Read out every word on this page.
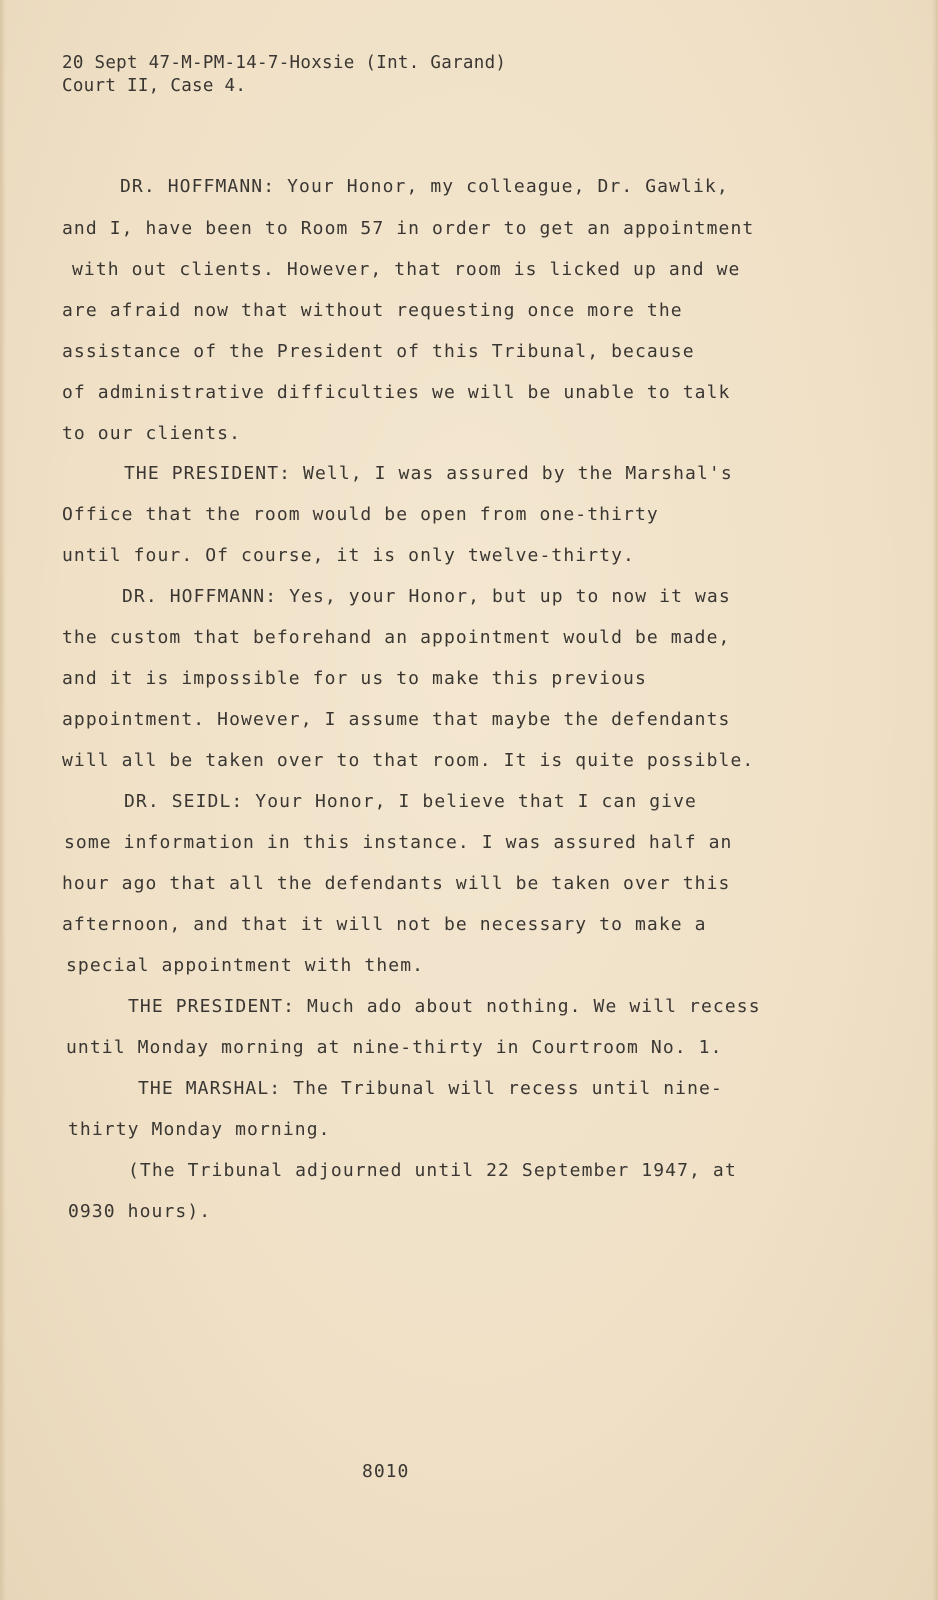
20 Sept 47-M-PM-14-7-Hoxsie (Int. Garand)
Court II, Case 4.
DR. HOFFMANN: Your Honor, my colleague, Dr. Gawlik,
and I, have been to Room 57 in order to get an appointment
with out clients. However, that room is licked up and we
are afraid now that without requesting once more the
assistance of the President of this Tribunal, because
of administrative difficulties we will be unable to talk
to our clients.
THE PRESIDENT: Well, I was assured by the Marshal's
Office that the room would be open from one-thirty
until four. Of course, it is only twelve-thirty.
DR. HOFFMANN: Yes, your Honor, but up to now it was
the custom that beforehand an appointment would be made,
and it is impossible for us to make this previous
appointment. However, I assume that maybe the defendants
will all be taken over to that room. It is quite possible.
DR. SEIDL: Your Honor, I believe that I can give
some information in this instance. I was assured half an
hour ago that all the defendants will be taken over this
afternoon, and that it will not be necessary to make a
special appointment with them.
THE PRESIDENT: Much ado about nothing. We will recess
until Monday morning at nine-thirty in Courtroom No. 1.
THE MARSHAL: The Tribunal will recess until nine-
thirty Monday morning.
(The Tribunal adjourned until 22 September 1947, at
0930 hours).
8010
